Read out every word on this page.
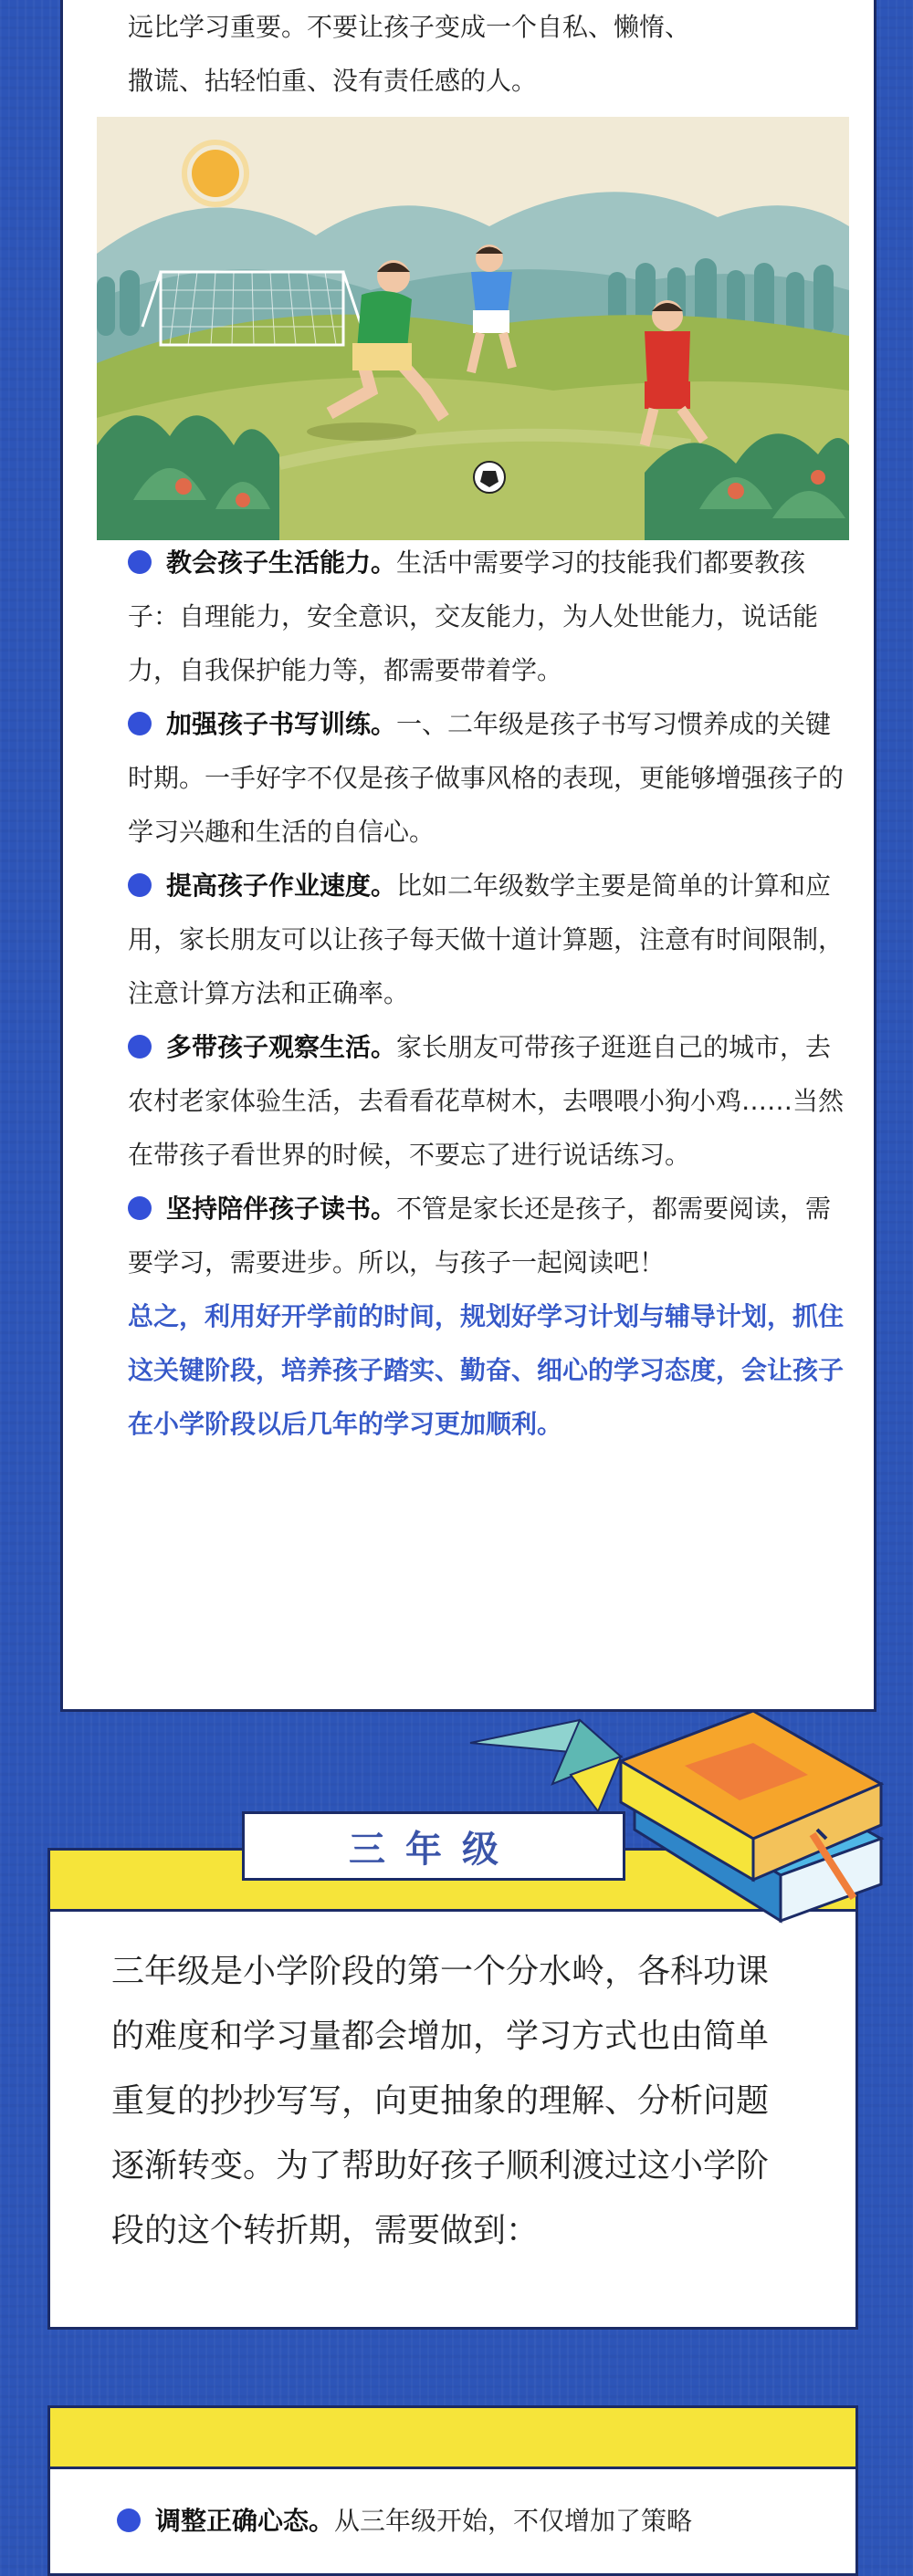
远比学习重要。不要让孩子变成一个自私、懒惰、
撒谎、拈轻怕重、没有责任感的人。

教会孩子生活能力。生活中需要学习的技能我们都要教孩子：自理能力，安全意识，交友能力，为人处世能力，说话能力，自我保护能力等，都需要带着学。

加强孩子书写训练。一、二年级是孩子书写习惯养成的关键时期。一手好字不仅是孩子做事风格的表现，更能够增强孩子的学习兴趣和生活的自信心。

提高孩子作业速度。比如二年级数学主要是简单的计算和应用，家长朋友可以让孩子每天做十道计算题，注意有时间限制，注意计算方法和正确率。

多带孩子观察生活。家长朋友可带孩子逛逛自己的城市，去农村老家体验生活，去看看花草树木，去喂喂小狗小鸡……当然在带孩子看世界的时候，不要忘了进行说话练习。

坚持陪伴孩子读书。不管是家长还是孩子，都需要阅读，需要学习，需要进步。所以，与孩子一起阅读吧！

总之，利用好开学前的时间，规划好学习计划与辅导计划，抓住这关键阶段，培养孩子踏实、勤奋、细心的学习态度，会让孩子在小学阶段以后几年的学习更加顺利。

三年级
三年级是小学阶段的第一个分水岭，各科功课的难度和学习量都会增加，学习方式也由简单重复的抄抄写写，向更抽象的理解、分析问题逐渐转变。为了帮助好孩子顺利渡过这小学阶段的这个转折期，需要做到：
调整正确心态。从三年级开始，不仅增加了策略
